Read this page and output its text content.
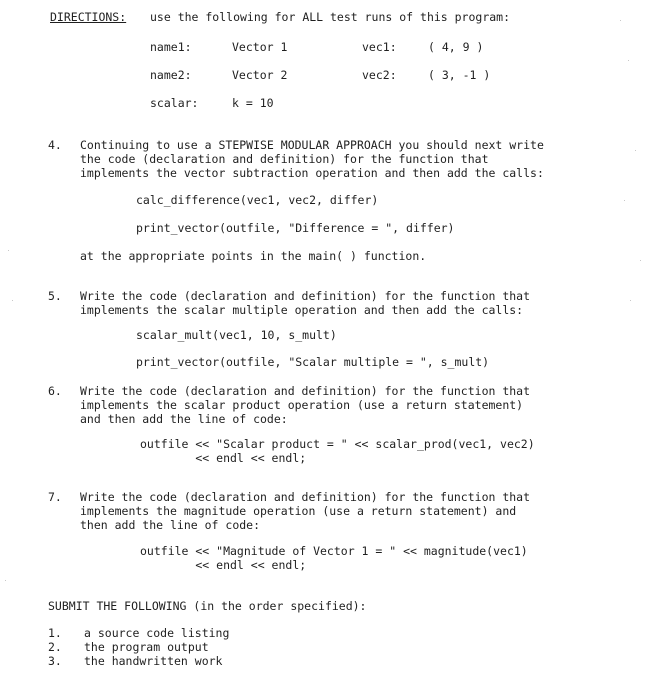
DIRECTIONS: use the following for ALL test runs of this program:
name1:	Vector 1	vec1:	( 4, 9 )
name2:	Vector 2	vec2:	( 3, -1 )
scalar:	k = 10
4. Continuing to use a STEPWISE MODULAR APPROACH you should next write
the code (declaration and definition) for the function that
implements the vector subtraction operation and then add the calls:
calc_difference(vec1, vec2, differ)
print_vector(outfile, "Difference = ", differ)
at the appropriate points in the main( ) function.
5. Write the code (declaration and definition) for the function that
implements the scalar multiple operation and then add the calls:
scalar_mult(vec1, 10, s_mult)
print_vector(outfile, "Scalar multiple = ", s_mult)
6. Write the code (declaration and definition) for the function that
implements the scalar product operation (use a return statement)
and then add the line of code:
outfile << "Scalar product = " << scalar_prod(vec1, vec2)
<< endl << endl;
7. Write the code (declaration and definition) for the function that
implements the magnitude operation (use a return statement) and
then add the line of code:
outfile << "Magnitude of Vector 1 = " << magnitude(vec1)
<< endl << endl;
SUBMIT THE FOLLOWING (in the order specified):
1. a source code listing
2. the program output
3. the handwritten work
